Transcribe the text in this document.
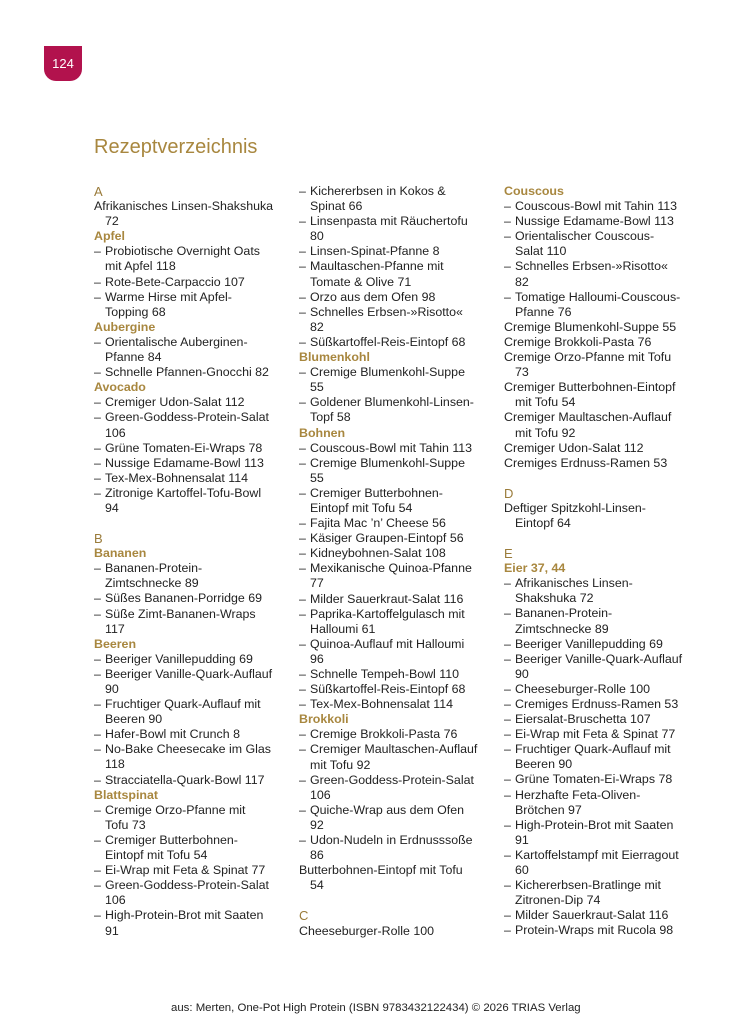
124
Rezeptverzeichnis
A
Afrikanisches Linsen-Shakshuka
72
Apfel
– Probiotische Overnight Oats
mit Apfel 118
– Rote-Bete-Carpaccio 107
– Warme Hirse mit Apfel-
Topping 68
Aubergine
– Orientalische Auberginen-
Pfanne 84
– Schnelle Pfannen-Gnocchi 82
Avocado
– Cremiger Udon-Salat 112
– Green-Goddess-Protein-Salat
106
– Grüne Tomaten-Ei-Wraps 78
– Nussige Edamame-Bowl 113
– Tex-Mex-Bohnensalat 114
– Zitronige Kartoffel-Tofu-Bowl
94
B
Bananen
– Bananen-Protein-
Zimtschnecke 89
– Süßes Bananen-Porridge 69
– Süße Zimt-Bananen-Wraps
117
Beeren
– Beeriger Vanillepudding 69
– Beeriger Vanille-Quark-Auflauf
90
– Fruchtiger Quark-Auflauf mit
Beeren 90
– Hafer-Bowl mit Crunch 8
– No-Bake Cheesecake im Glas
118
– Stracciatella-Quark-Bowl 117
Blattspinat
– Cremige Orzo-Pfanne mit
Tofu 73
– Cremiger Butterbohnen-
Eintopf mit Tofu 54
– Ei-Wrap mit Feta & Spinat 77
– Green-Goddess-Protein-Salat
106
– High-Protein-Brot mit Saaten
91
– Kichererbsen in Kokos &
Spinat 66
– Linsenpasta mit Räuchertofu
80
– Linsen-Spinat-Pfanne 8
– Maultaschen-Pfanne mit
Tomate & Olive 71
– Orzo aus dem Ofen 98
– Schnelles Erbsen-»Risotto«
82
– Süßkartoffel-Reis-Eintopf 68
Blumenkohl
– Cremige Blumenkohl-Suppe
55
– Goldener Blumenkohl-Linsen-
Topf 58
Bohnen
– Couscous-Bowl mit Tahin 113
– Cremige Blumenkohl-Suppe
55
– Cremiger Butterbohnen-
Eintopf mit Tofu 54
– Fajita Mac ’n’ Cheese 56
– Käsiger Graupen-Eintopf 56
– Kidneybohnen-Salat 108
– Mexikanische Quinoa-Pfanne
77
– Milder Sauerkraut-Salat 116
– Paprika-Kartoffelgulasch mit
Halloumi 61
– Quinoa-Auflauf mit Halloumi
96
– Schnelle Tempeh-Bowl 110
– Süßkartoffel-Reis-Eintopf 68
– Tex-Mex-Bohnensalat 114
Brokkoli
– Cremige Brokkoli-Pasta 76
– Cremiger Maultaschen-Auflauf
mit Tofu 92
– Green-Goddess-Protein-Salat
106
– Quiche-Wrap aus dem Ofen
92
– Udon-Nudeln in Erdnusssoße
86
Butterbohnen-Eintopf mit Tofu
54
C
Cheeseburger-Rolle 100
Couscous
– Couscous-Bowl mit Tahin 113
– Nussige Edamame-Bowl 113
– Orientalischer Couscous-
Salat 110
– Schnelles Erbsen-»Risotto«
82
– Tomatige Halloumi-Couscous-
Pfanne 76
Cremige Blumenkohl-Suppe 55
Cremige Brokkoli-Pasta 76
Cremige Orzo-Pfanne mit Tofu
73
Cremiger Butterbohnen-Eintopf
mit Tofu 54
Cremiger Maultaschen-Auflauf
mit Tofu 92
Cremiger Udon-Salat 112
Cremiges Erdnuss-Ramen 53
D
Deftiger Spitzkohl-Linsen-
Eintopf 64
E
Eier 37, 44
– Afrikanisches Linsen-
Shakshuka 72
– Bananen-Protein-
Zimtschnecke 89
– Beeriger Vanillepudding 69
– Beeriger Vanille-Quark-Auflauf
90
– Cheeseburger-Rolle 100
– Cremiges Erdnuss-Ramen 53
– Eiersalat-Bruschetta 107
– Ei-Wrap mit Feta & Spinat 77
– Fruchtiger Quark-Auflauf mit
Beeren 90
– Grüne Tomaten-Ei-Wraps 78
– Herzhafte Feta-Oliven-
Brötchen 97
– High-Protein-Brot mit Saaten
91
– Kartoffelstampf mit Eierragout
60
– Kichererbsen-Bratlinge mit
Zitronen-Dip 74
– Milder Sauerkraut-Salat 116
– Protein-Wraps mit Rucola 98
aus: Merten, One-Pot High Protein (ISBN 9783432122434) © 2026 TRIAS Verlag
